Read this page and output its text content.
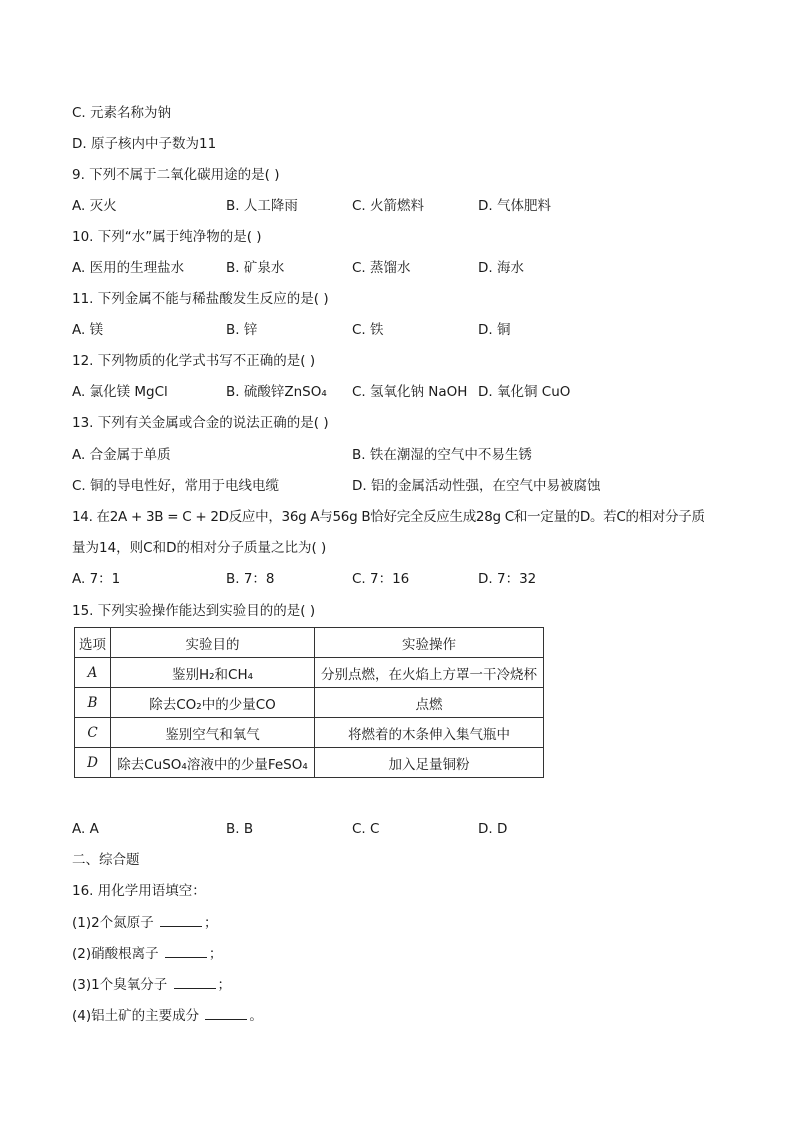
C. 元素名称为钠
D. 原子核内中子数为11
9. 下列不属于二氧化碳用途的是( )
A. 灭火	B. 人工降雨	C. 火箭燃料	D. 气体肥料
10. 下列“水”属于纯净物的是( )
A. 医用的生理盐水	B. 矿泉水	C. 蒸馏水	D. 海水
11. 下列金属不能与稀盐酸发生反应的是( )
A. 镁	B. 锌	C. 铁	D. 铜
12. 下列物质的化学式书写不正确的是( )
A. 氯化镁 MgCl	B. 硫酸锌ZnSO₄ C. 氢氧化钠 NaOH D. 氧化铜 CuO
13. 下列有关金属或合金的说法正确的是( )
A. 合金属于单质	B. 铁在潮湿的空气中不易生锈
C. 铜的导电性好，常用于电线电缆	D. 铝的金属活动性强，在空气中易被腐蚀
14. 在2A + 3B = C + 2D反应中，36g A与56g B恰好完全反应生成28g C和一定量的D。若C的相对分子质
量为14，则C和D的相对分子质量之比为( )
A. 7：1	B. 7：8	C. 7：16	D. 7：32
15. 下列实验操作能达到实验目的的是( )
选项	实验目的	实验操作
A	鉴别H₂和CH₄	分别点燃，在火焰上方罩一干冷烧杯
B	除去CO₂中的少量CO	点燃
C	鉴别空气和氧气	将燃着的木条伸入集气瓶中
D	除去CuSO₄溶液中的少量FeSO₄	加入足量铜粉
A. A	B. B	C. C	D. D
二、综合题
16. 用化学用语填空：
(1)2个氮原子	；
(2)硝酸根离子	；
(3)1个臭氧分子	；
(4)铝土矿的主要成分	。
